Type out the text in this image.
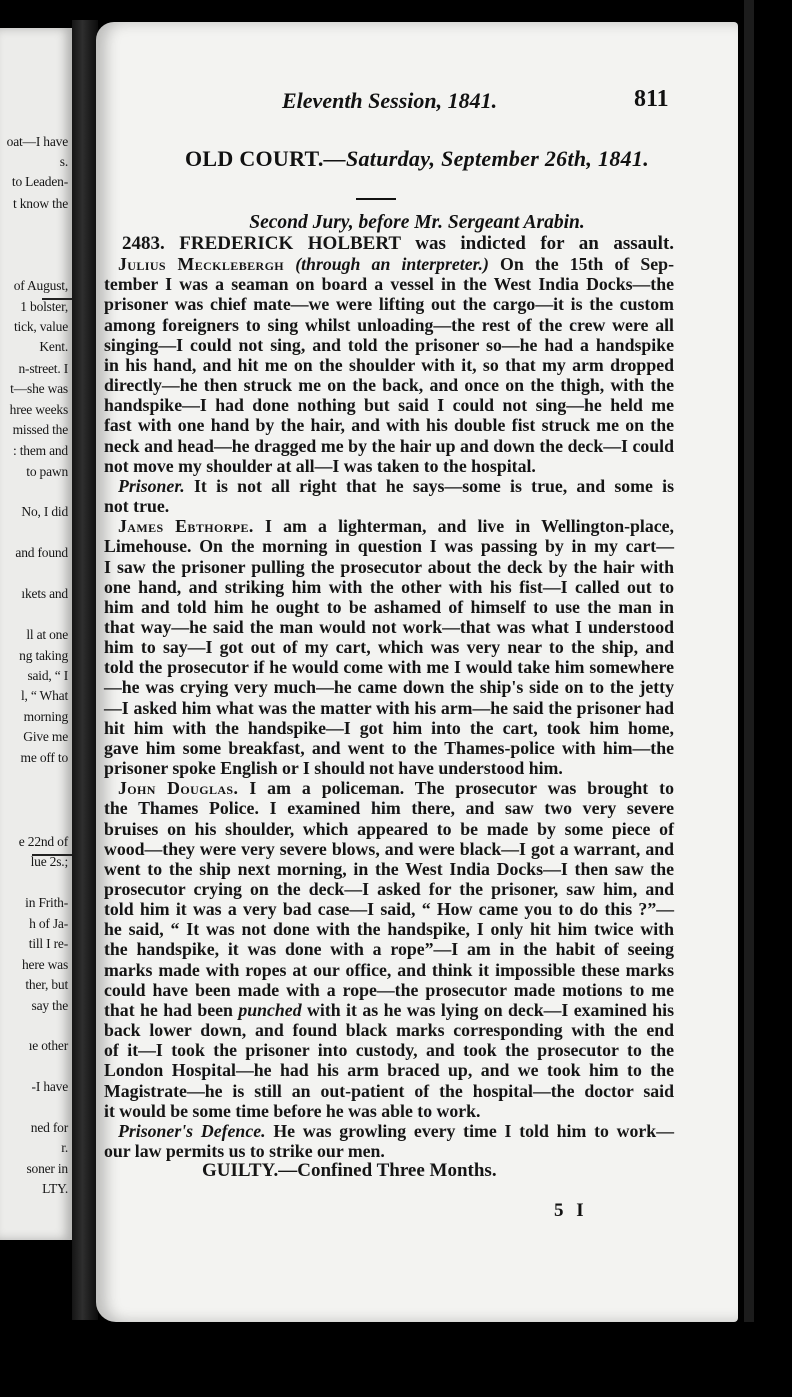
oat—I have
s.
to Leaden-
t know the
of August,
1 bolster,
tick, value
Kent.
n-street. I
t—she was
hree weeks
missed the
: them and
to pawn
No, I did
and found
ıkets and
ll at one
ng taking
said, “ I
l, “ What
morning
Give me
me off to
e 22nd of
lue 2s.;
in Frith-
h of Ja-
till I re-
here was
ther, but
say the
ıe other
-I have
ned for
r.
soner in
LTY.
Eleventh Session, 1841.	811
OLD COURT.—Saturday, September 26th, 1841.
Second Jury, before Mr. Sergeant Arabin.
2483. FREDERICK HOLBERT was indicted for an assault.
Julius Mecklebergh (through an interpreter.) On the 15th of Sep-
tember I was a seaman on board a vessel in the West India Docks—the
prisoner was chief mate—we were lifting out the cargo—it is the custom
among foreigners to sing whilst unloading—the rest of the crew were all
singing—I could not sing, and told the prisoner so—he had a handspike
in his hand, and hit me on the shoulder with it, so that my arm dropped
directly—he then struck me on the back, and once on the thigh, with the
handspike—I had done nothing but said I could not sing—he held me
fast with one hand by the hair, and with his double fist struck me on the
neck and head—he dragged me by the hair up and down the deck—I could
not move my shoulder at all—I was taken to the hospital.
Prisoner. It is not all right that he says—some is true, and some is
not true.
James Ebthorpe. I am a lighterman, and live in Wellington-place,
Limehouse. On the morning in question I was passing by in my cart—
I saw the prisoner pulling the prosecutor about the deck by the hair with
one hand, and striking him with the other with his fist—I called out to
him and told him he ought to be ashamed of himself to use the man in
that way—he said the man would not work—that was what I understood
him to say—I got out of my cart, which was very near to the ship, and
told the prosecutor if he would come with me I would take him somewhere
—he was crying very much—he came down the ship's side on to the jetty
—I asked him what was the matter with his arm—he said the prisoner had
hit him with the handspike—I got him into the cart, took him home,
gave him some breakfast, and went to the Thames-police with him—the
prisoner spoke English or I should not have understood him.
John Douglas. I am a policeman. The prosecutor was brought to
the Thames Police. I examined him there, and saw two very severe
bruises on his shoulder, which appeared to be made by some piece of
wood—they were very severe blows, and were black—I got a warrant, and
went to the ship next morning, in the West India Docks—I then saw the
prosecutor crying on the deck—I asked for the prisoner, saw him, and
told him it was a very bad case—I said, “ How came you to do this ?”—
he said, “ It was not done with the handspike, I only hit him twice with
the handspike, it was done with a rope”—I am in the habit of seeing
marks made with ropes at our office, and think it impossible these marks
could have been made with a rope—the prosecutor made motions to me
that he had been punched with it as he was lying on deck—I examined his
back lower down, and found black marks corresponding with the end
of it—I took the prisoner into custody, and took the prosecutor to the
London Hospital—he had his arm braced up, and we took him to the
Magistrate—he is still an out-patient of the hospital—the doctor said
it would be some time before he was able to work.
Prisoner's Defence. He was growling every time I told him to work—
our law permits us to strike our men.
GUILTY.—Confined Three Months.
5 I
